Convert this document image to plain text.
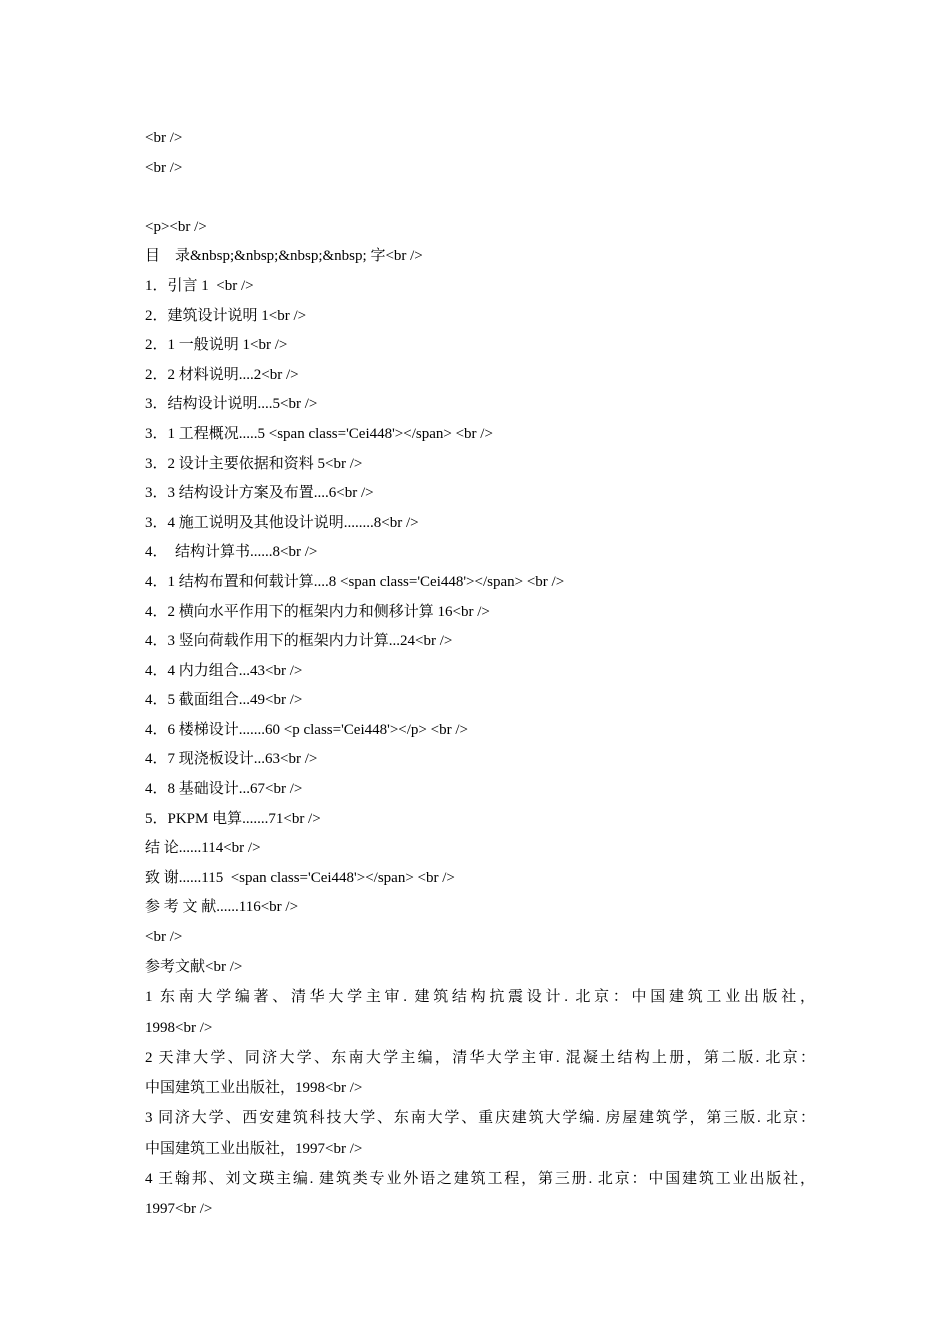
<br />
<br />
<p><br />
目    录&nbsp;&nbsp;&nbsp;&nbsp; 字<br />
1．引言 1  <br />
2．建筑设计说明 1<br />
2．1 一般说明 1<br />
2．2 材料说明....2<br />
3．结构设计说明....5<br />
3．1 工程概况.....5 <span class='Cei448'></span> <br />
3．2 设计主要依据和资料 5<br />
3．3 结构设计方案及布置....6<br />
3．4 施工说明及其他设计说明........8<br />
4．  结构计算书......8<br />
4．1 结构布置和何载计算....8 <span class='Cei448'></span> <br />
4．2 横向水平作用下的框架内力和侧移计算 16<br />
4．3 竖向荷载作用下的框架内力计算...24<br />
4．4 内力组合...43<br />
4．5 截面组合...49<br />
4．6 楼梯设计.......60 <p class='Cei448'></p> <br />
4．7 现浇板设计...63<br />
4．8 基础设计...67<br />
5．PKPM 电算.......71<br />
结 论......114<br />
致 谢......115  <span class='Cei448'></span> <br />
参 考 文 献......116<br />
<br />
参考文献<br />
1 东南大学编著、清华大学主审. 建筑结构抗震设计. 北京：中国建筑工业出版社，
1998<br />
2 天津大学、同济大学、东南大学主编，清华大学主审. 混凝土结构上册，第二版. 北京：
中国建筑工业出版社，1998<br />
3 同济大学、西安建筑科技大学、东南大学、重庆建筑大学编. 房屋建筑学，第三版. 北京：
中国建筑工业出版社，1997<br />
4 王翰邦、刘文瑛主编. 建筑类专业外语之建筑工程，第三册. 北京：中国建筑工业出版社，
1997<br />
